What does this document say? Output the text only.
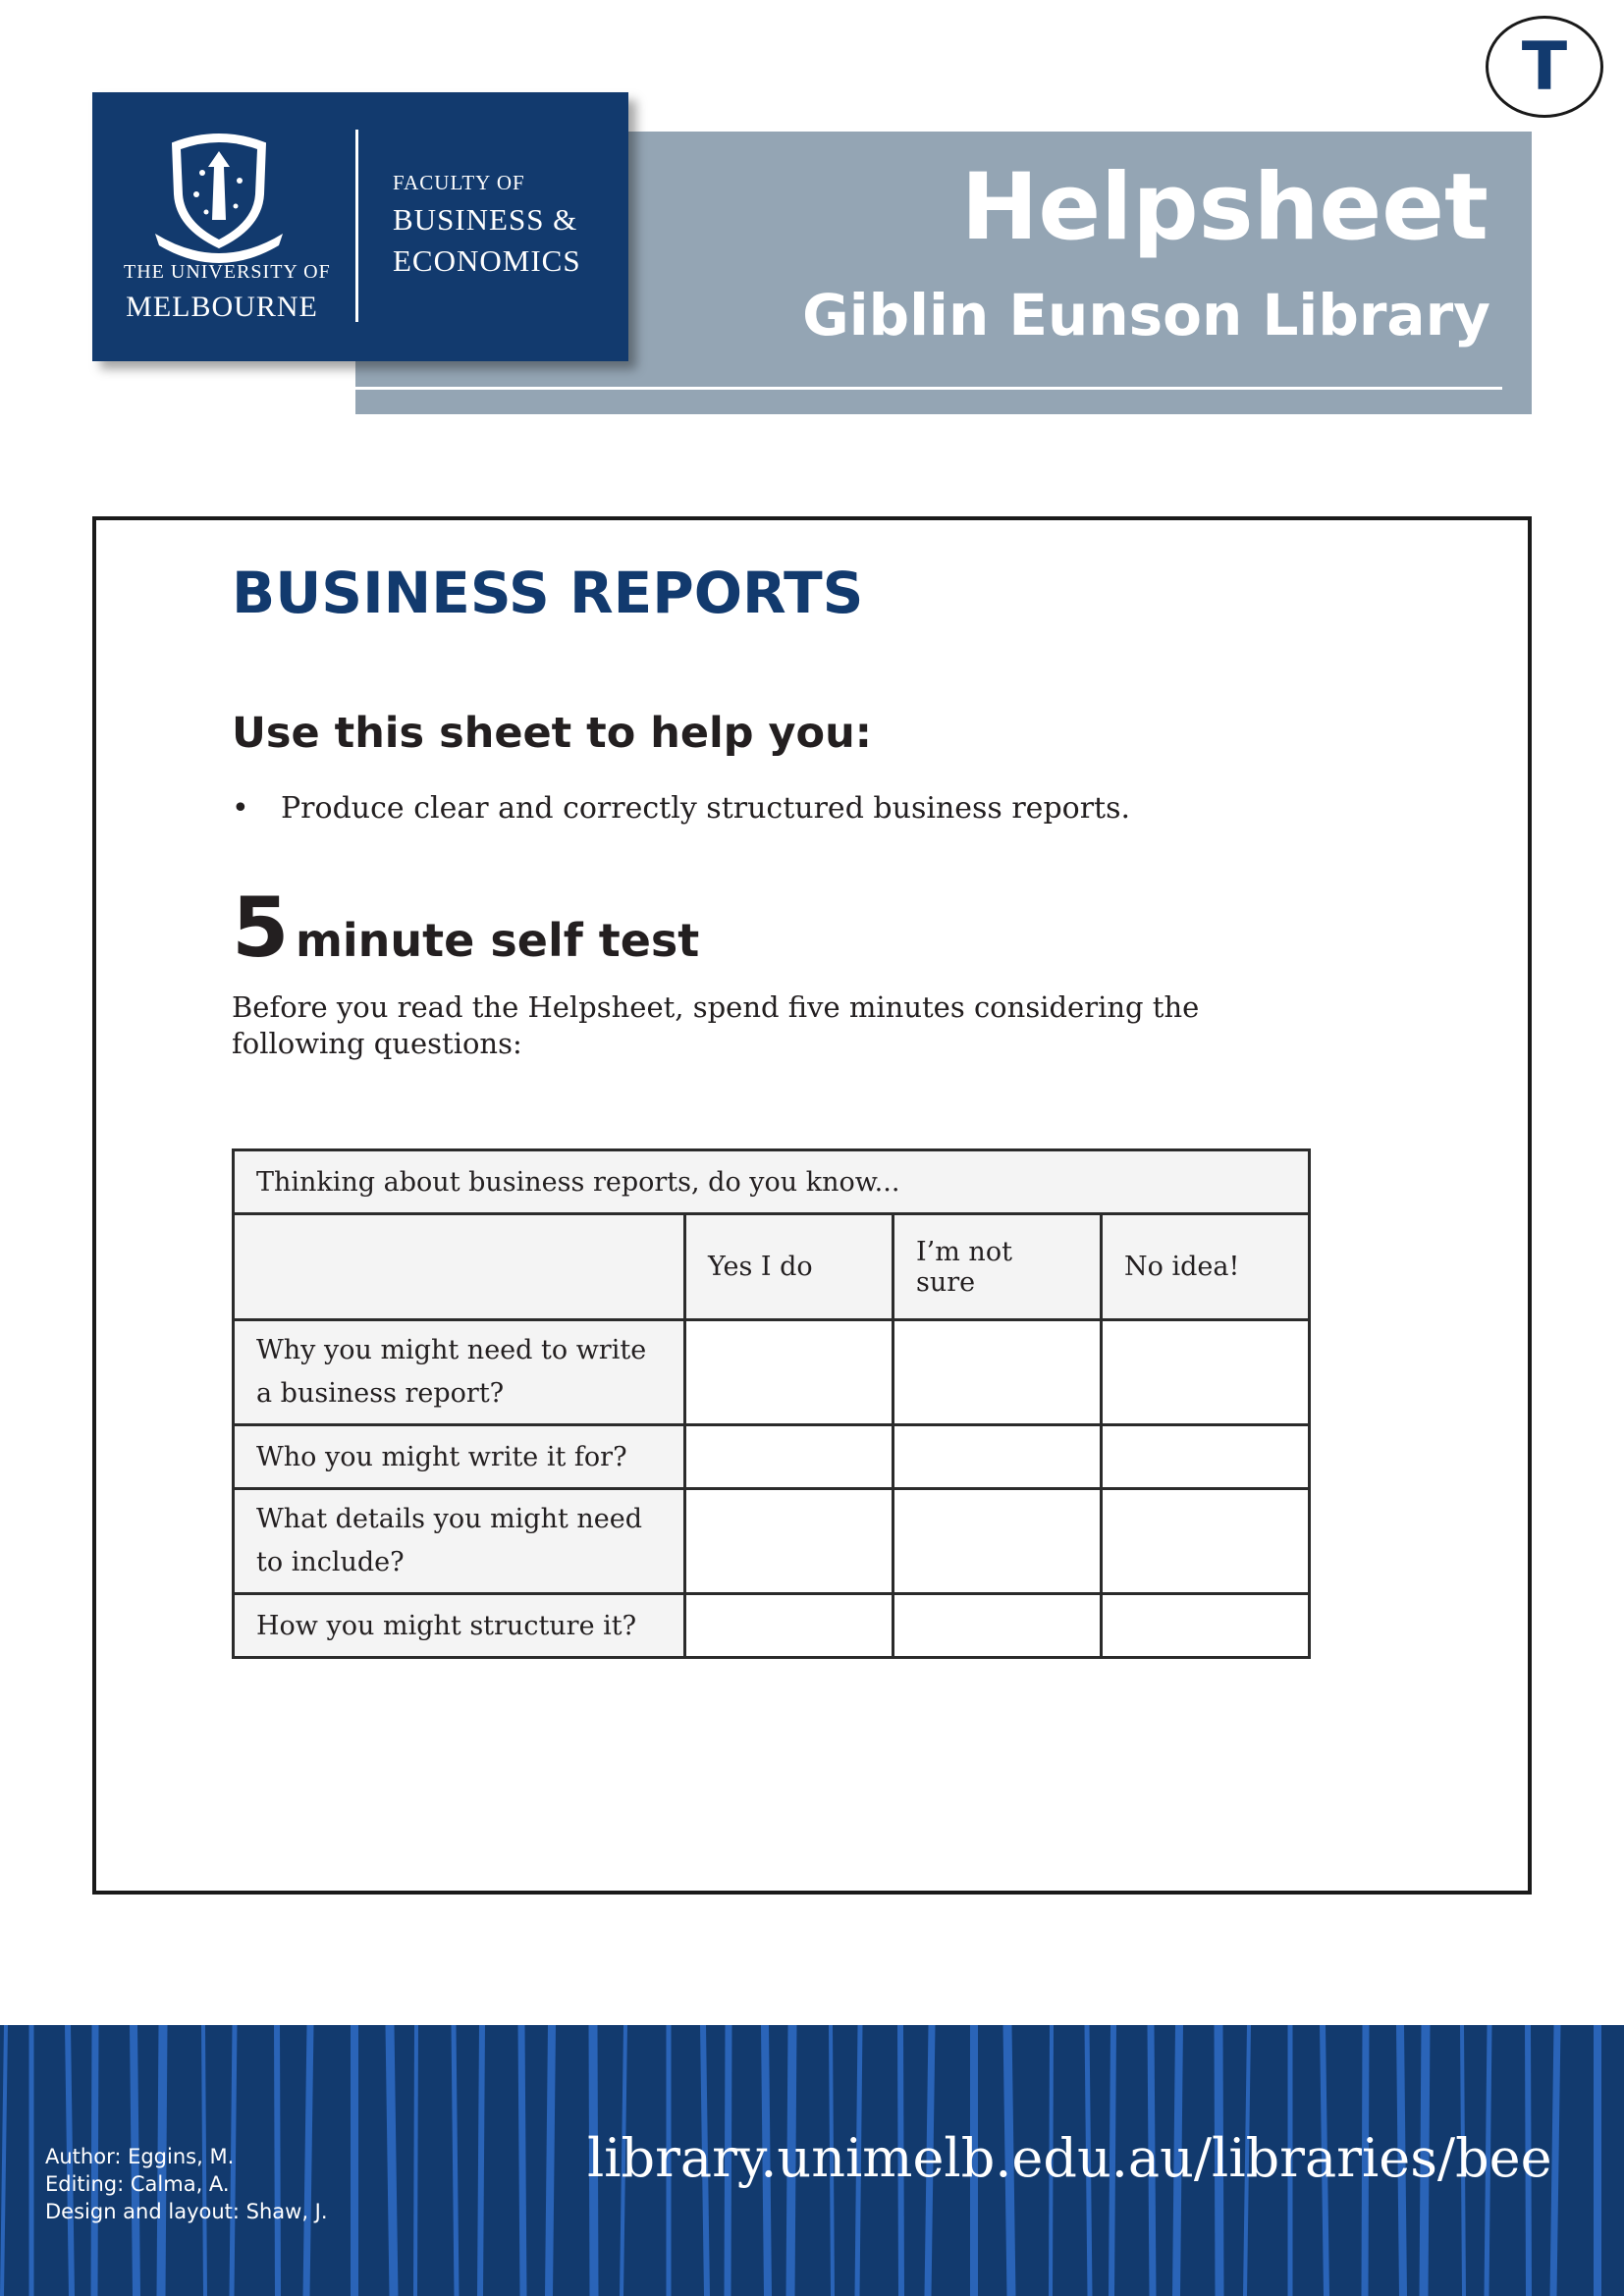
T
Helpsheet
Giblin Eunson Library
THE UNIVERSITY OF
MELBOURNE
FACULTY OF
BUSINESS &
ECONOMICS
BUSINESS REPORTS
Use this sheet to help you:
• Produce clear and correctly structured business reports.
5 minute self test

Before you read the Helpsheet, spend five minutes considering the following questions:

Thinking about business reports, do you know...			
	Yes I do	I’m not sure	No idea!
Why you might need to write a business report?			
Who you might write it for?			
What details you might need to include?			
How you might structure it?			
Author: Eggins, M.
Editing: Calma, A.
Design and layout: Shaw, J.
library.unimelb.edu.au/libraries/bee
